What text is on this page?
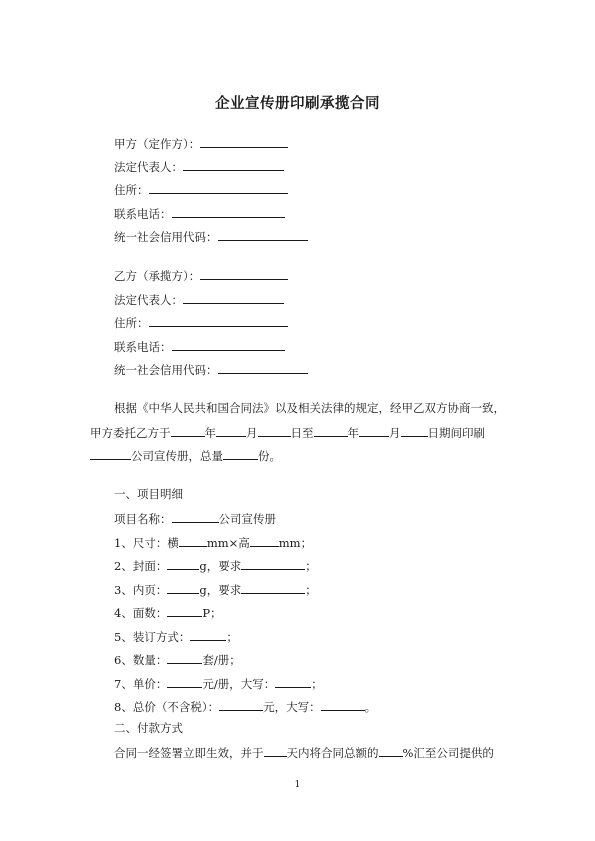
企业宣传册印刷承揽合同
甲方（定作方）：
法定代表人：
住所：
联系电话：
统一社会信用代码：
乙方（承揽方）：
法定代表人：
住所：
联系电话：
统一社会信用代码：
根据《中华人民共和国合同法》以及相关法律的规定，经甲乙双方协商一致，
甲方委托乙方于	年	月	日至	年	月 日期间印刷
公司宣传册，总量	份。
一、项目明细
项目名称：	公司宣传册
1、尺寸：横 mm×高	mm；
2、封面：	g，要求	；
3、内页：	g，要求	；
4、面数：	P；
5、装订方式：	；
6、数量：	套/册；
7、单价：	元/册，大写：	；
8、总价（不含税）：	元，大写：	。
二、付款方式
合同一经签署立即生效，并于 天内将合同总额的 %汇至公司提供的
1
